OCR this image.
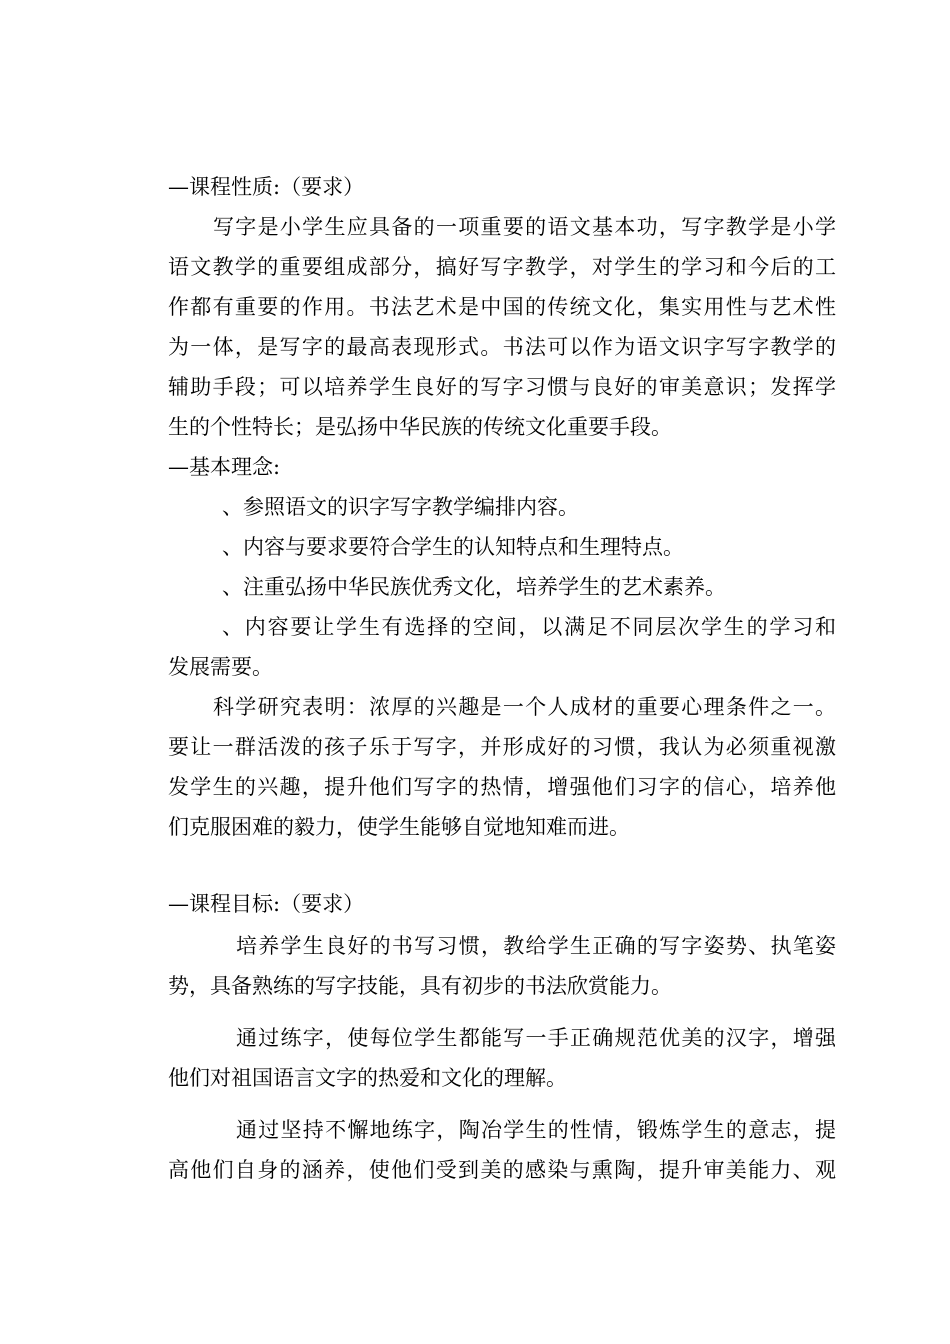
—课程性质:（要求）
写字是小学生应具备的一项重要的语文基本功，写字教学是小学
语文教学的重要组成部分，搞好写字教学，对学生的学习和今后的工
作都有重要的作用。书法艺术是中国的传统文化，集实用性与艺术性
为一体，是写字的最高表现形式。书法可以作为语文识字写字教学的
辅助手段；可以培养学生良好的写字习惯与良好的审美意识；发挥学
生的个性特长；是弘扬中华民族的传统文化重要手段。
—基本理念:
、参照语文的识字写字教学编排内容。
、内容与要求要符合学生的认知特点和生理特点。
、注重弘扬中华民族优秀文化，培养学生的艺术素养。
、内容要让学生有选择的空间，以满足不同层次学生的学习和
发展需要。
科学研究表明：浓厚的兴趣是一个人成材的重要心理条件之一。
要让一群活泼的孩子乐于写字，并形成好的习惯，我认为必须重视激
发学生的兴趣，提升他们写字的热情，增强他们习字的信心，培养他
们克服困难的毅力，使学生能够自觉地知难而进。
—课程目标:（要求）
培养学生良好的书写习惯，教给学生正确的写字姿势、执笔姿
势，具备熟练的写字技能，具有初步的书法欣赏能力。
通过练字，使每位学生都能写一手正确规范优美的汉字，增强
他们对祖国语言文字的热爱和文化的理解。
通过坚持不懈地练字，陶冶学生的性情，锻炼学生的意志，提
高他们自身的涵养，使他们受到美的感染与熏陶，提升审美能力、观
